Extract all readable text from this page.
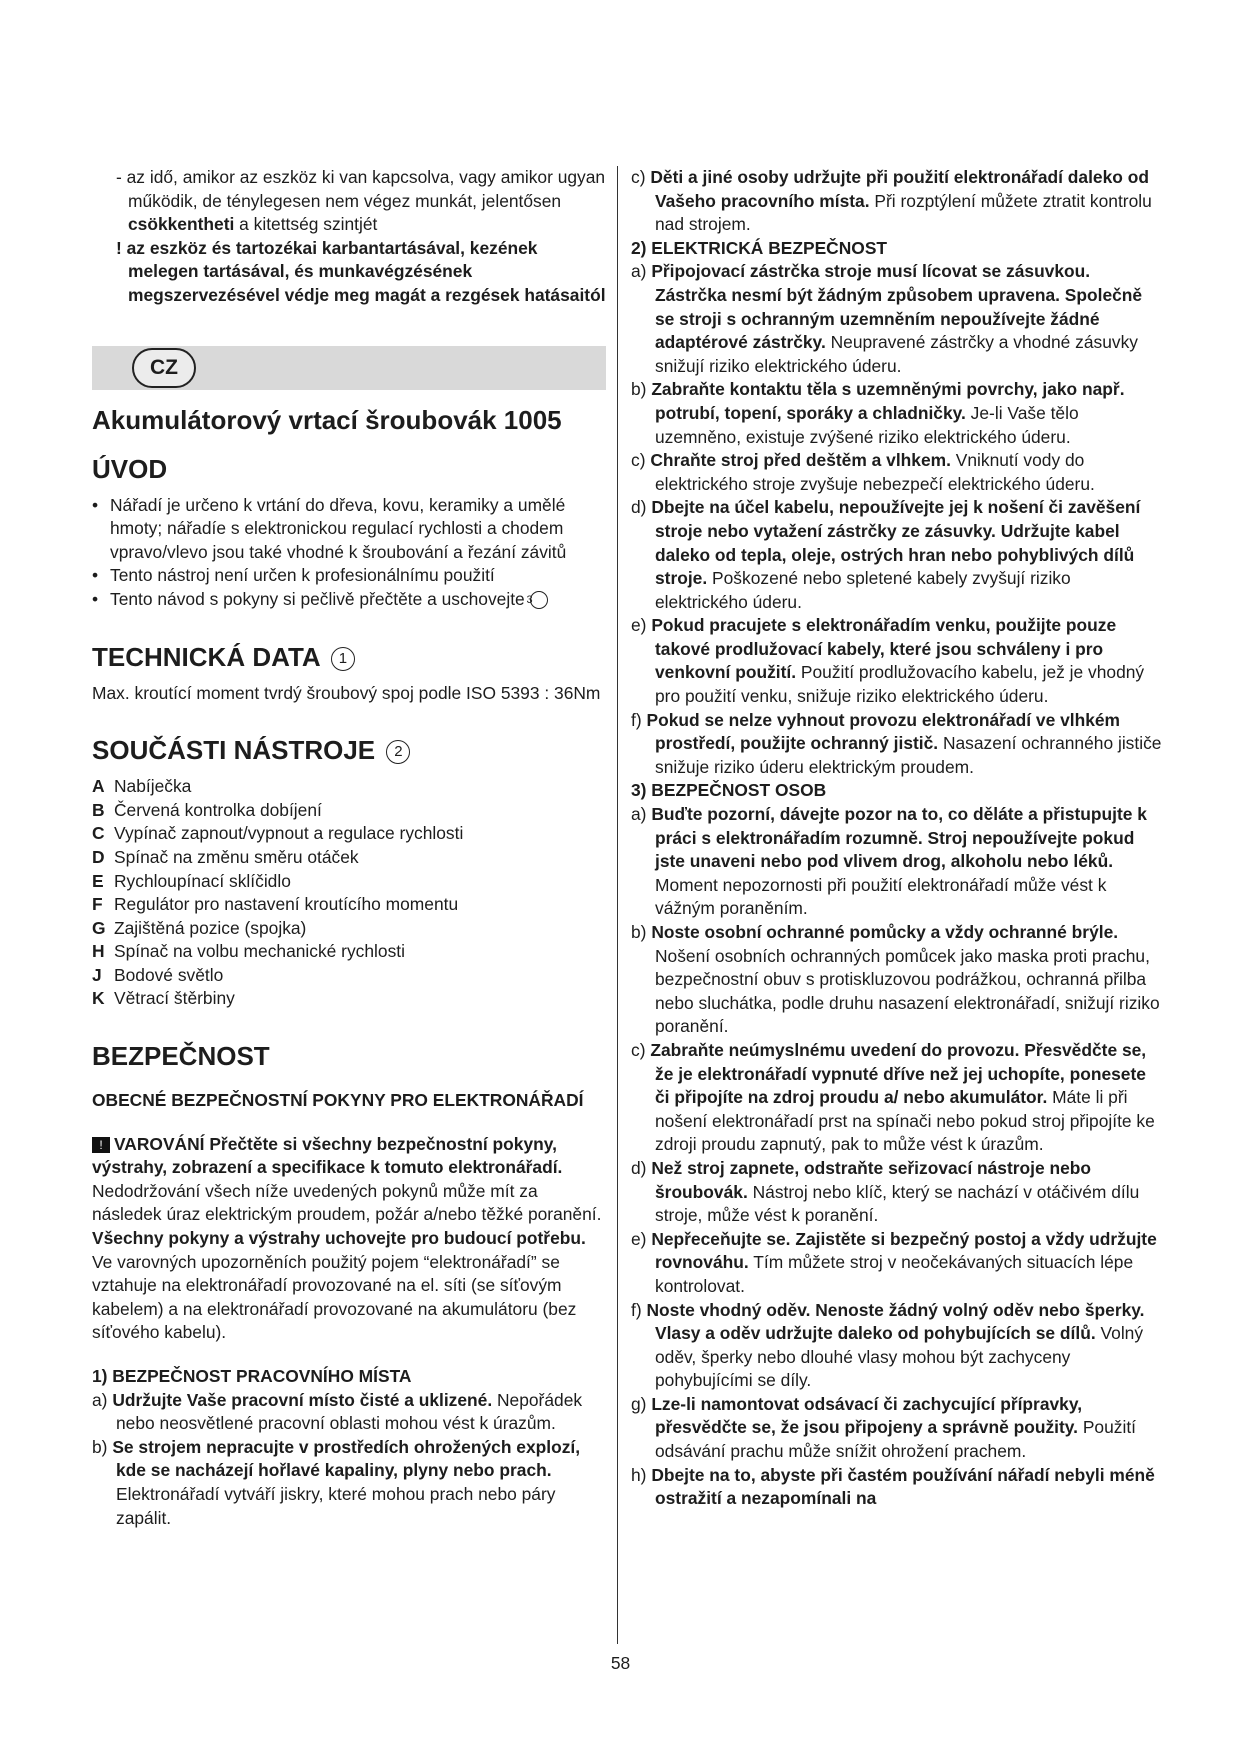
- az idő, amikor az eszköz ki van kapcsolva, vagy amikor ugyan működik, de ténylegesen nem végez munkát, jelentősen csökkentheti a kitettség szintjét

! az eszköz és tartozékai karbantartásával, kezének melegen tartásával, és munkavégzésének megszervezésével védje meg magát a rezgések hatásaitól

CZ
Akumulátorový vrtací šroubovák 1005
ÚVOD
• Nářadí je určeno k vrtání do dřeva, kovu, keramiky a umělé hmoty; nářadíe s elektronickou regulací rychlosti a chodem vpravo/vlevo jsou také vhodné k šroubování a řezání závitů
• Tento nástroj není určen k profesionálnímu použití
• Tento návod s pokyny si pečlivě přečtěte a uschovejte 3
TECHNICKÁ DATA 1

Max. kroutící moment tvrdý šroubový spoj podle ISO 5393 : 36Nm

SOUČÁSTI NÁSTROJE 2
A Nabíječka
B Červená kontrolka dobíjení
C Vypínač zapnout/vypnout a regulace rychlosti
D Spínač na změnu směru otáček
E Rychloupínací sklíčidlo
F Regulátor pro nastavení kroutícího momentu
G Zajištěná pozice (spojka)
H Spínač na volbu mechanické rychlosti
J Bodové světlo
K Větrací štěrbiny
BEZPEČNOST

OBECNÉ BEZPEČNOSTNÍ POKYNY PRO ELEKTRONÁŘADÍ

! VAROVÁNÍ Přečtěte si všechny bezpečnostní pokyny, výstrahy, zobrazení a specifikace k tomuto elektronářadí. Nedodržování všech níže uvedených pokynů může mít za následek úraz elektrickým proudem, požár a/nebo těžké poranění. Všechny pokyny a výstrahy uchovejte pro budoucí potřebu. Ve varovných upozorněních použitý pojem “elektronářadí” se vztahuje na elektronářadí provozované na el. síti (se síťovým kabelem) a na elektronářadí provozované na akumulátoru (bez síťového kabelu).

1) BEZPEČNOST PRACOVNÍHO MÍSTA

a) Udržujte Vaše pracovní místo čisté a uklizené. Nepořádek nebo neosvětlené pracovní oblasti mohou vést k úrazům.

b) Se strojem nepracujte v prostředích ohrožených explozí, kde se nacházejí hořlavé kapaliny, plyny nebo prach. Elektronářadí vytváří jiskry, které mohou prach nebo páry zapálit.

c) Děti a jiné osoby udržujte při použití elektronářadí daleko od Vašeho pracovního místa. Při rozptýlení můžete ztratit kontrolu nad strojem.

2) ELEKTRICKÁ BEZPEČNOST

a) Připojovací zástrčka stroje musí lícovat se zásuvkou. Zástrčka nesmí být žádným způsobem upravena. Společně se stroji s ochranným uzemněním nepoužívejte žádné adaptérové zástrčky. Neupravené zástrčky a vhodné zásuvky snižují riziko elektrického úderu.

b) Zabraňte kontaktu těla s uzemněnými povrchy, jako např. potrubí, topení, sporáky a chladničky. Je-li Vaše tělo uzemněno, existuje zvýšené riziko elektrického úderu.

c) Chraňte stroj před deštěm a vlhkem. Vniknutí vody do elektrického stroje zvyšuje nebezpečí elektrického úderu.

d) Dbejte na účel kabelu, nepoužívejte jej k nošení či zavěšení stroje nebo vytažení zástrčky ze zásuvky. Udržujte kabel daleko od tepla, oleje, ostrých hran nebo pohyblivých dílů stroje. Poškozené nebo spletené kabely zvyšují riziko elektrického úderu.

e) Pokud pracujete s elektronářadím venku, použijte pouze takové prodlužovací kabely, které jsou schváleny i pro venkovní použití. Použití prodlužovacího kabelu, jež je vhodný pro použití venku, snižuje riziko elektrického úderu.

f) Pokud se nelze vyhnout provozu elektronářadí ve vlhkém prostředí, použijte ochranný jistič. Nasazení ochranného jističe snižuje riziko úderu elektrickým proudem.

3) BEZPEČNOST OSOB

a) Buďte pozorní, dávejte pozor na to, co děláte a přistupujte k práci s elektronářadím rozumně. Stroj nepoužívejte pokud jste unaveni nebo pod vlivem drog, alkoholu nebo léků. Moment nepozornosti při použití elektronářadí může vést k vážným poraněním.

b) Noste osobní ochranné pomůcky a vždy ochranné brýle. Nošení osobních ochranných pomůcek jako maska proti prachu, bezpečnostní obuv s protiskluzovou podrážkou, ochranná přilba nebo sluchátka, podle druhu nasazení elektronářadí, snižují riziko poranění.

c) Zabraňte neúmyslnému uvedení do provozu. Přesvědčte se, že je elektronářadí vypnuté dříve než jej uchopíte, ponesete či připojíte na zdroj proudu a/ nebo akumulátor. Máte li při nošení elektronářadí prst na spínači nebo pokud stroj připojíte ke zdroji proudu zapnutý, pak to může vést k úrazům.

d) Než stroj zapnete, odstraňte seřizovací nástroje nebo šroubovák. Nástroj nebo klíč, který se nachází v otáčivém dílu stroje, může vést k poranění.

e) Nepřeceňujte se. Zajistěte si bezpečný postoj a vždy udržujte rovnováhu. Tím můžete stroj v neočekávaných situacích lépe kontrolovat.

f) Noste vhodný oděv. Nenoste žádný volný oděv nebo šperky. Vlasy a oděv udržujte daleko od pohybujících se dílů. Volný oděv, šperky nebo dlouhé vlasy mohou být zachyceny pohybujícími se díly.

g) Lze-li namontovat odsávací či zachycující přípravky, přesvědčte se, že jsou připojeny a správně použity. Použití odsávání prachu může snížit ohrožení prachem.

h) Dbejte na to, abyste při častém používání nářadí nebyli méně ostražití a nezapomínali na

58
